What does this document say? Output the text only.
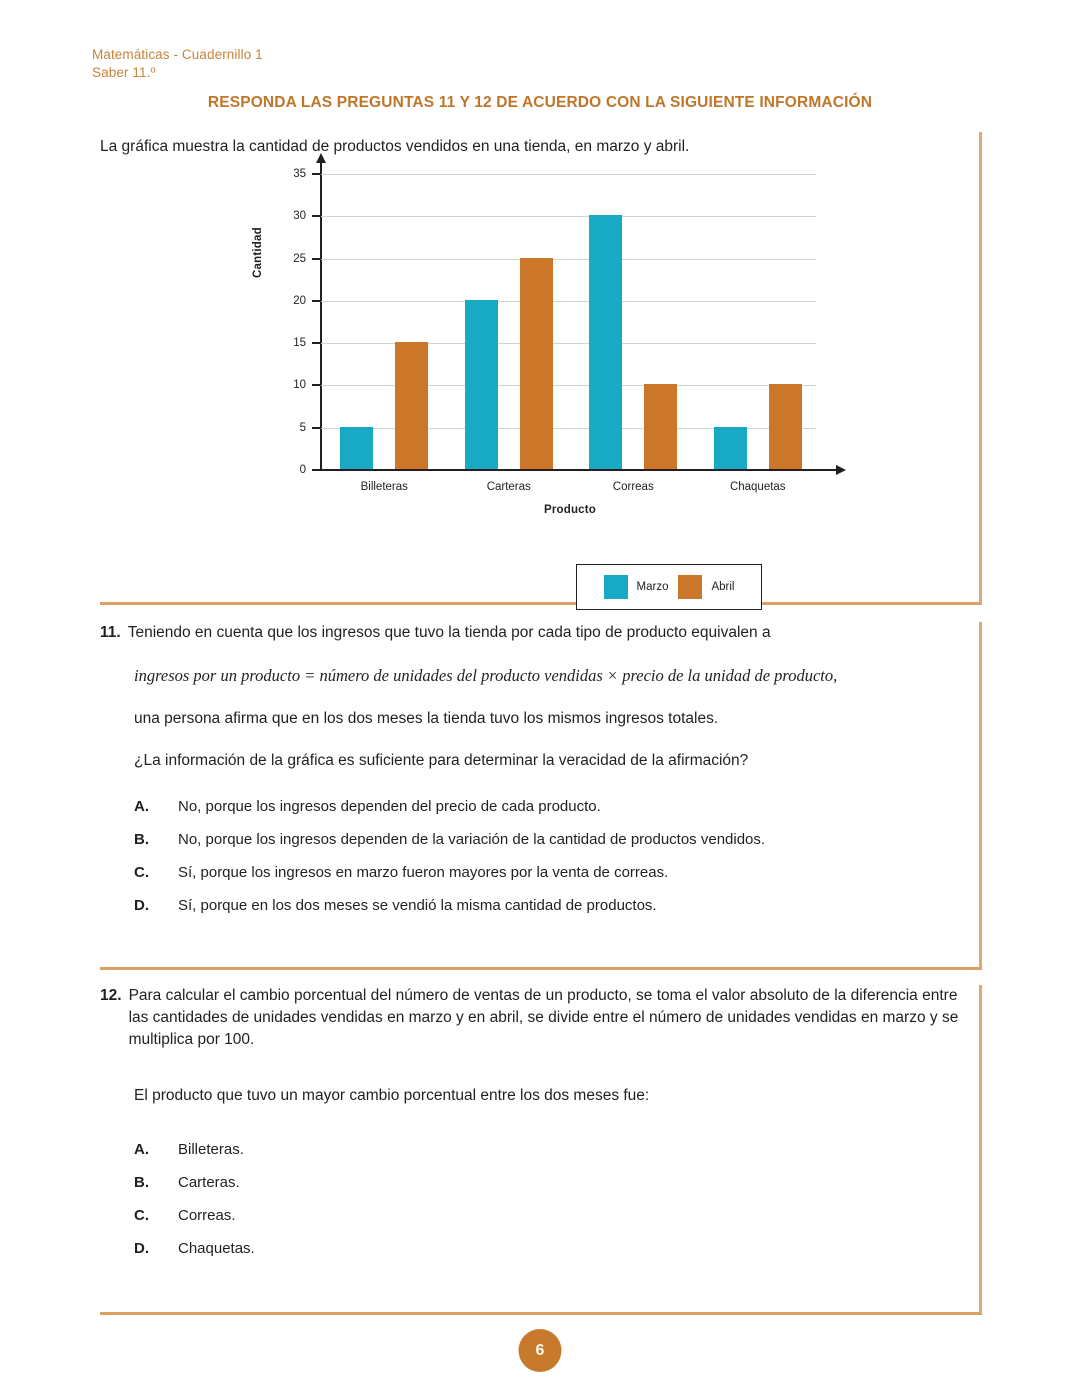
Matemáticas - Cuadernillo 1
Saber 11.º
RESPONDA LAS PREGUNTAS 11 Y 12 DE ACUERDO CON LA SIGUIENTE INFORMACIÓN
La gráfica muestra la cantidad de productos vendidos en una tienda, en marzo y abril.
Cantidad
0
5
10
15
20
25
30
35
Billeteras	Carteras	Correas	Chaquetas
Producto
Marzo	Abril
11. Teniendo en cuenta que los ingresos que tuvo la tienda por cada tipo de producto equivalen a
ingresos por un producto = número de unidades del producto vendidas × precio de la unidad de producto,
una persona afirma que en los dos meses la tienda tuvo los mismos ingresos totales.
¿La información de la gráfica es suficiente para determinar la veracidad de la afirmación?
A.	No, porque los ingresos dependen del precio de cada producto.
B.	No, porque los ingresos dependen de la variación de la cantidad de productos vendidos.
C.	Sí, porque los ingresos en marzo fueron mayores por la venta de correas.
D.	Sí, porque en los dos meses se vendió la misma cantidad de productos.
12. Para calcular el cambio porcentual del número de ventas de un producto, se toma el valor absoluto de la diferencia entre las cantidades de unidades vendidas en marzo y en abril, se divide entre el número de unidades vendidas en marzo y se multiplica por 100.
El producto que tuvo un mayor cambio porcentual entre los dos meses fue:
A.	Billeteras.
B.	Carteras.
C.	Correas.
D.	Chaquetas.
6
